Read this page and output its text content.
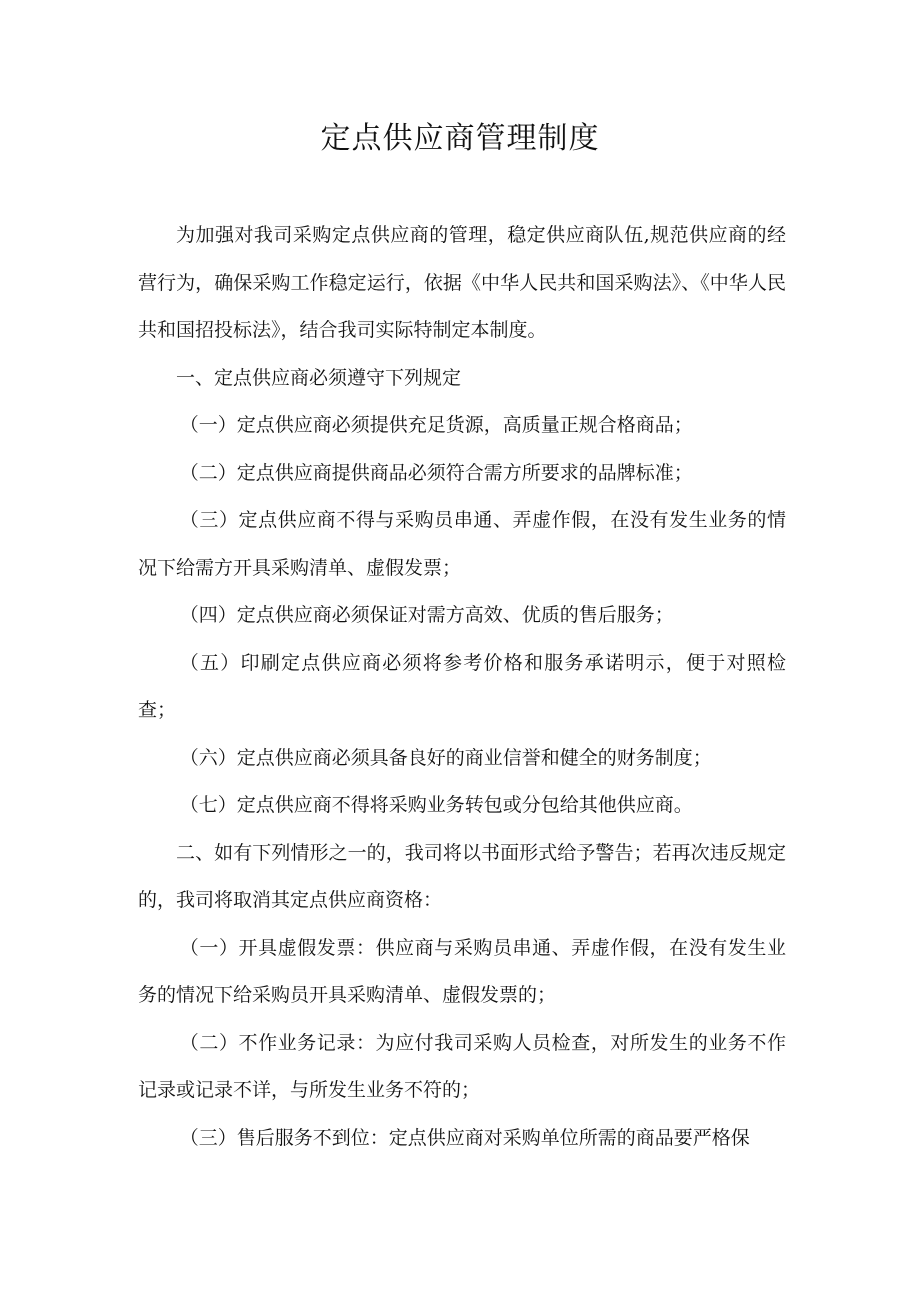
定点供应商管理制度

为加强对我司采购定点供应商的管理，稳定供应商队伍,规范供应商的经营行为，确保采购工作稳定运行，依据《中华人民共和国采购法》、《中华人民共和国招投标法》，结合我司实际特制定本制度。

一、定点供应商必须遵守下列规定

（一）定点供应商必须提供充足货源，高质量正规合格商品；

（二）定点供应商提供商品必须符合需方所要求的品牌标准；

（三）定点供应商不得与采购员串通、弄虚作假，在没有发生业务的情况下给需方开具采购清单、虚假发票；

（四）定点供应商必须保证对需方高效、优质的售后服务；

（五）印刷定点供应商必须将参考价格和服务承诺明示，便于对照检查；

（六）定点供应商必须具备良好的商业信誉和健全的财务制度；

（七）定点供应商不得将采购业务转包或分包给其他供应商。

二、如有下列情形之一的，我司将以书面形式给予警告；若再次违反规定的，我司将取消其定点供应商资格：

（一）开具虚假发票：供应商与采购员串通、弄虚作假，在没有发生业务的情况下给采购员开具采购清单、虚假发票的；

（二）不作业务记录：为应付我司采购人员检查，对所发生的业务不作记录或记录不详，与所发生业务不符的；

（三）售后服务不到位：定点供应商对采购单位所需的商品要严格保
